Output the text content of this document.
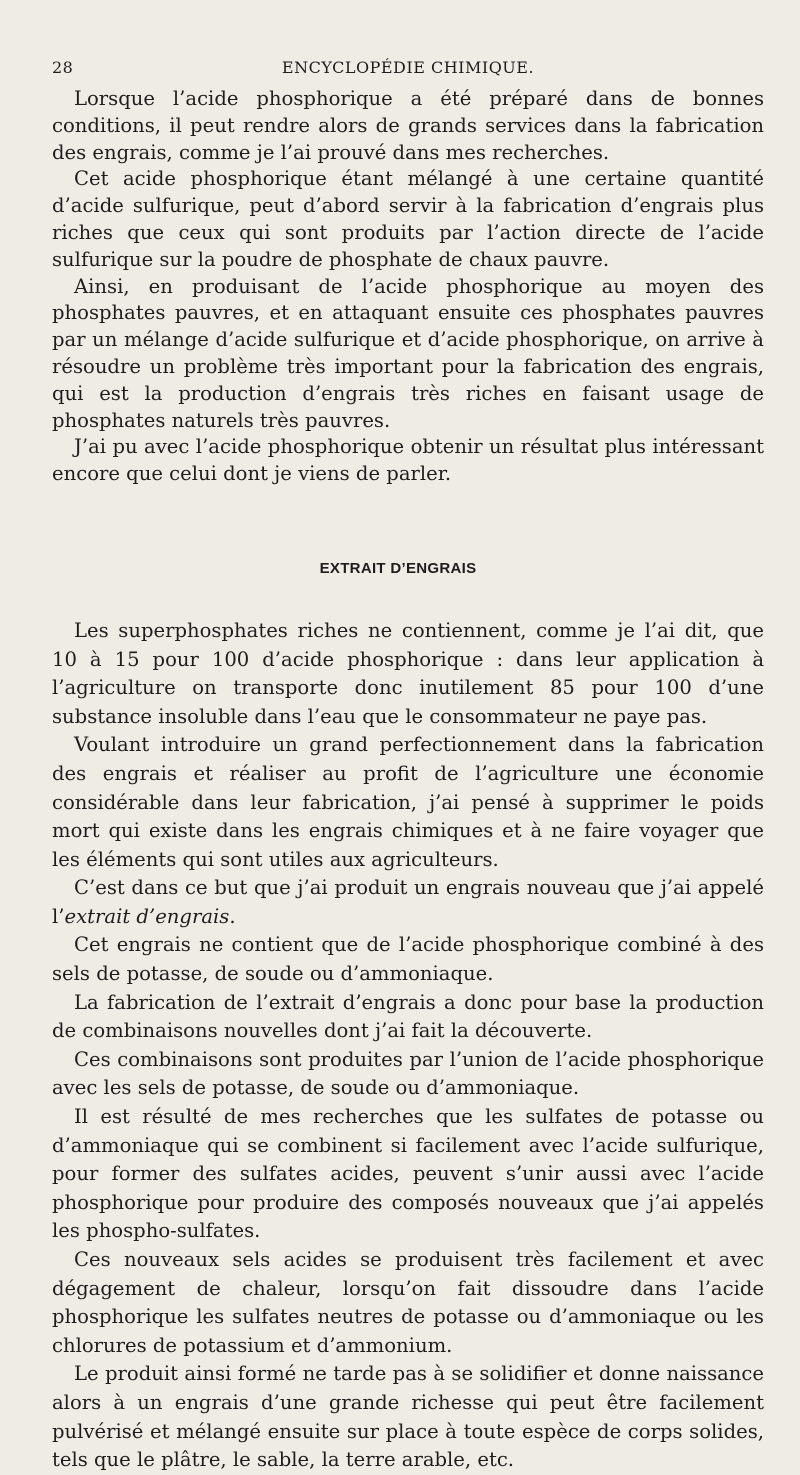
28	ENCYCLOPÉDIE CHIMIQUE.

Lorsque l’acide phosphorique a été préparé dans de bonnes conditions, il peut rendre alors de grands services dans la fabrication des engrais, comme je l’ai prouvé dans mes recherches.

Cet acide phosphorique étant mélangé à une certaine quantité d’acide sulfurique, peut d’abord servir à la fabrication d’engrais plus riches que ceux qui sont produits par l’action directe de l’acide sulfurique sur la poudre de phosphate de chaux pauvre.

Ainsi, en produisant de l’acide phosphorique au moyen des phosphates pauvres, et en attaquant ensuite ces phosphates pauvres par un mélange d’acide sulfurique et d’acide phosphorique, on arrive à résoudre un problème très important pour la fabrication des engrais, qui est la production d’engrais très riches en faisant usage de phosphates naturels très pauvres.

J’ai pu avec l’acide phosphorique obtenir un résultat plus intéressant encore que celui dont je viens de parler.

EXTRAIT D’ENGRAIS

Les superphosphates riches ne contiennent, comme je l’ai dit, que 10 à 15 pour 100 d’acide phosphorique : dans leur application à l’agriculture on transporte donc inutilement 85 pour 100 d’une substance insoluble dans l’eau que le consommateur ne paye pas.

Voulant introduire un grand perfectionnement dans la fabrication des engrais et réaliser au profit de l’agriculture une économie considérable dans leur fabrication, j’ai pensé à supprimer le poids mort qui existe dans les engrais chimiques et à ne faire voyager que les éléments qui sont utiles aux agriculteurs.

C’est dans ce but que j’ai produit un engrais nouveau que j’ai appelé l’extrait d’engrais.

Cet engrais ne contient que de l’acide phosphorique combiné à des sels de potasse, de soude ou d’ammoniaque.

La fabrication de l’extrait d’engrais a donc pour base la production de combinaisons nouvelles dont j’ai fait la découverte.

Ces combinaisons sont produites par l’union de l’acide phosphorique avec les sels de potasse, de soude ou d’ammoniaque.

Il est résulté de mes recherches que les sulfates de potasse ou d’ammoniaque qui se combinent si facilement avec l’acide sulfurique, pour former des sulfates acides, peuvent s’unir aussi avec l’acide phosphorique pour produire des composés nouveaux que j’ai appelés les phospho-sulfates.

Ces nouveaux sels acides se produisent très facilement et avec dégagement de chaleur, lorsqu’on fait dissoudre dans l’acide phosphorique les sulfates neutres de potasse ou d’ammoniaque ou les chlorures de potassium et d’ammonium.

Le produit ainsi formé ne tarde pas à se solidifier et donne naissance alors à un engrais d’une grande richesse qui peut être facilement pulvérisé et mélangé ensuite sur place à toute espèce de corps solides, tels que le plâtre, le sable, la terre arable, etc.
